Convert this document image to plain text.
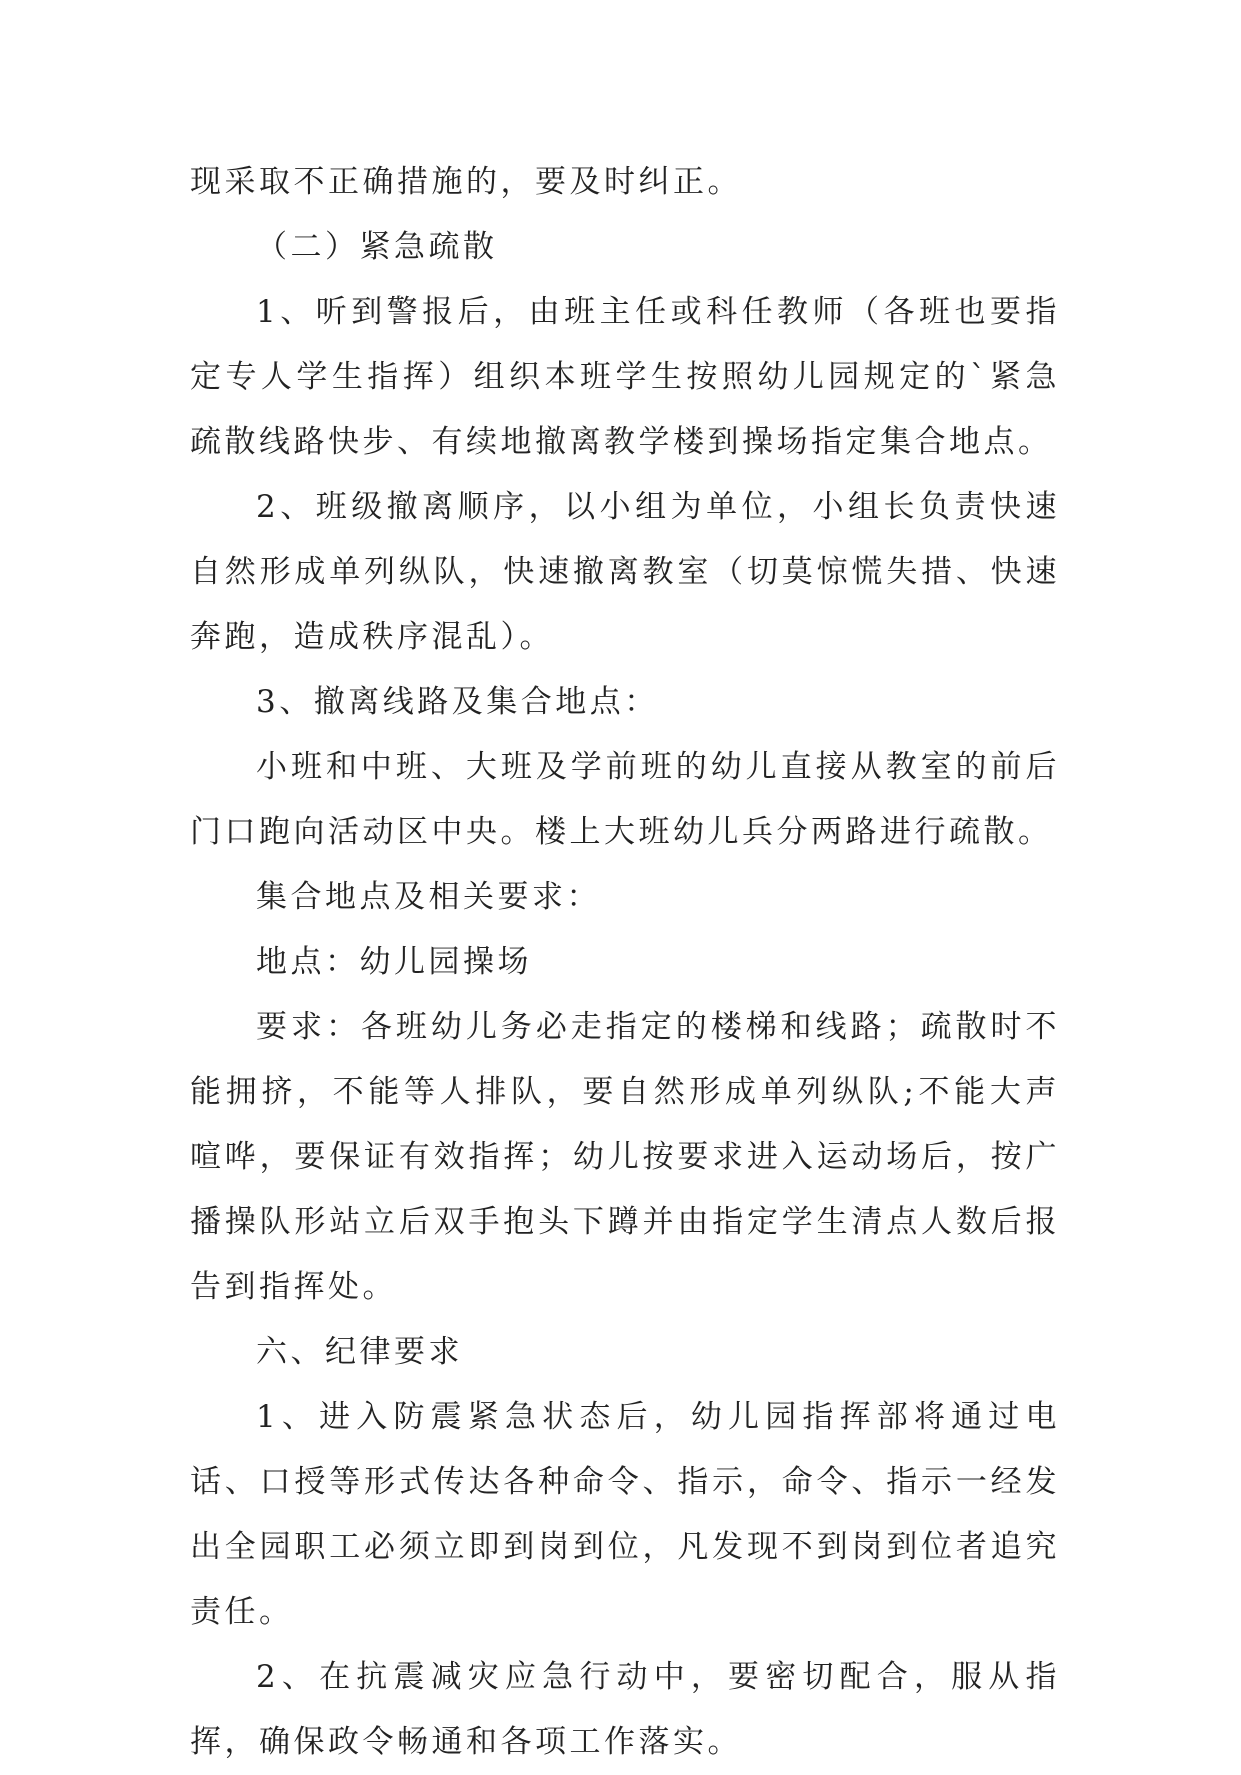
现采取不正确措施的，要及时纠正。

（二）紧急疏散

1、听到警报后，由班主任或科任教师（各班也要指定专人学生指挥）组织本班学生按照幼儿园规定的`紧急疏散线路快步、有续地撤离教学楼到操场指定集合地点。

2、班级撤离顺序，以小组为单位，小组长负责快速自然形成单列纵队，快速撤离教室（切莫惊慌失措、快速奔跑，造成秩序混乱）。

3、撤离线路及集合地点：

小班和中班、大班及学前班的幼儿直接从教室的前后门口跑向活动区中央。楼上大班幼儿兵分两路进行疏散。

集合地点及相关要求：

地点：幼儿园操场

要求：各班幼儿务必走指定的楼梯和线路；疏散时不能拥挤，不能等人排队，要自然形成单列纵队;不能大声喧哗，要保证有效指挥；幼儿按要求进入运动场后，按广播操队形站立后双手抱头下蹲并由指定学生清点人数后报告到指挥处。

六、纪律要求

1、进入防震紧急状态后，幼儿园指挥部将通过电话、口授等形式传达各种命令、指示，命令、指示一经发出全园职工必须立即到岗到位，凡发现不到岗到位者追究责任。

2、在抗震减灾应急行动中，要密切配合，服从指挥，确保政令畅通和各项工作落实。
